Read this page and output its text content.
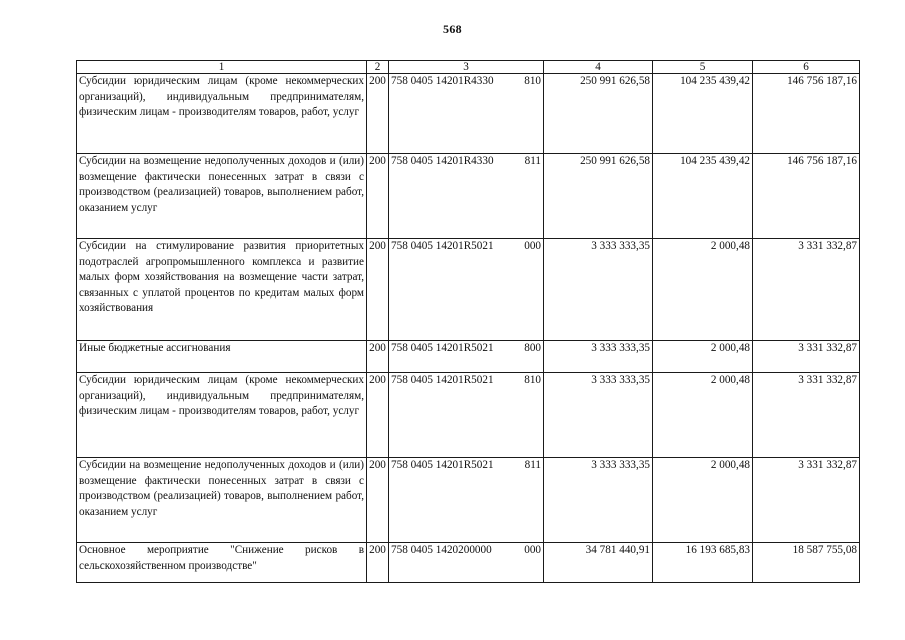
568
1	2	3	4	5	6
Субсидии юридическим лицам (кроме некоммерческих организаций), индивидуальным предпринимателям, физическим лицам - производителям товаров, работ, услуг	200	758 0405 14201R4330 810	250 991 626,58	104 235 439,42	146 756 187,16
Субсидии на возмещение недополученных доходов и (или) возмещение фактически понесенных затрат в связи с производством (реализацией) товаров, выполнением работ, оказанием услуг	200	758 0405 14201R4330 811	250 991 626,58	104 235 439,42	146 756 187,16
Субсидии на стимулирование развития приоритетных подотраслей агропромышленного комплекса и развитие малых форм хозяйствования на возмещение части затрат, связанных с уплатой процентов по кредитам малых форм хозяйствования	200	758 0405 14201R5021 000	3 333 333,35	2 000,48	3 331 332,87
Иные бюджетные ассигнования	200	758 0405 14201R5021 800	3 333 333,35	2 000,48	3 331 332,87
Субсидии юридическим лицам (кроме некоммерческих организаций), индивидуальным предпринимателям, физическим лицам - производителям товаров, работ, услуг	200	758 0405 14201R5021 810	3 333 333,35	2 000,48	3 331 332,87
Субсидии на возмещение недополученных доходов и (или) возмещение фактически понесенных затрат в связи с производством (реализацией) товаров, выполнением работ, оказанием услуг	200	758 0405 14201R5021 811	3 333 333,35	2 000,48	3 331 332,87
Основное мероприятие "Снижение рисков в сельскохозяйственном производстве"	200	758 0405 1420200000 000	34 781 440,91	16 193 685,83	18 587 755,08
